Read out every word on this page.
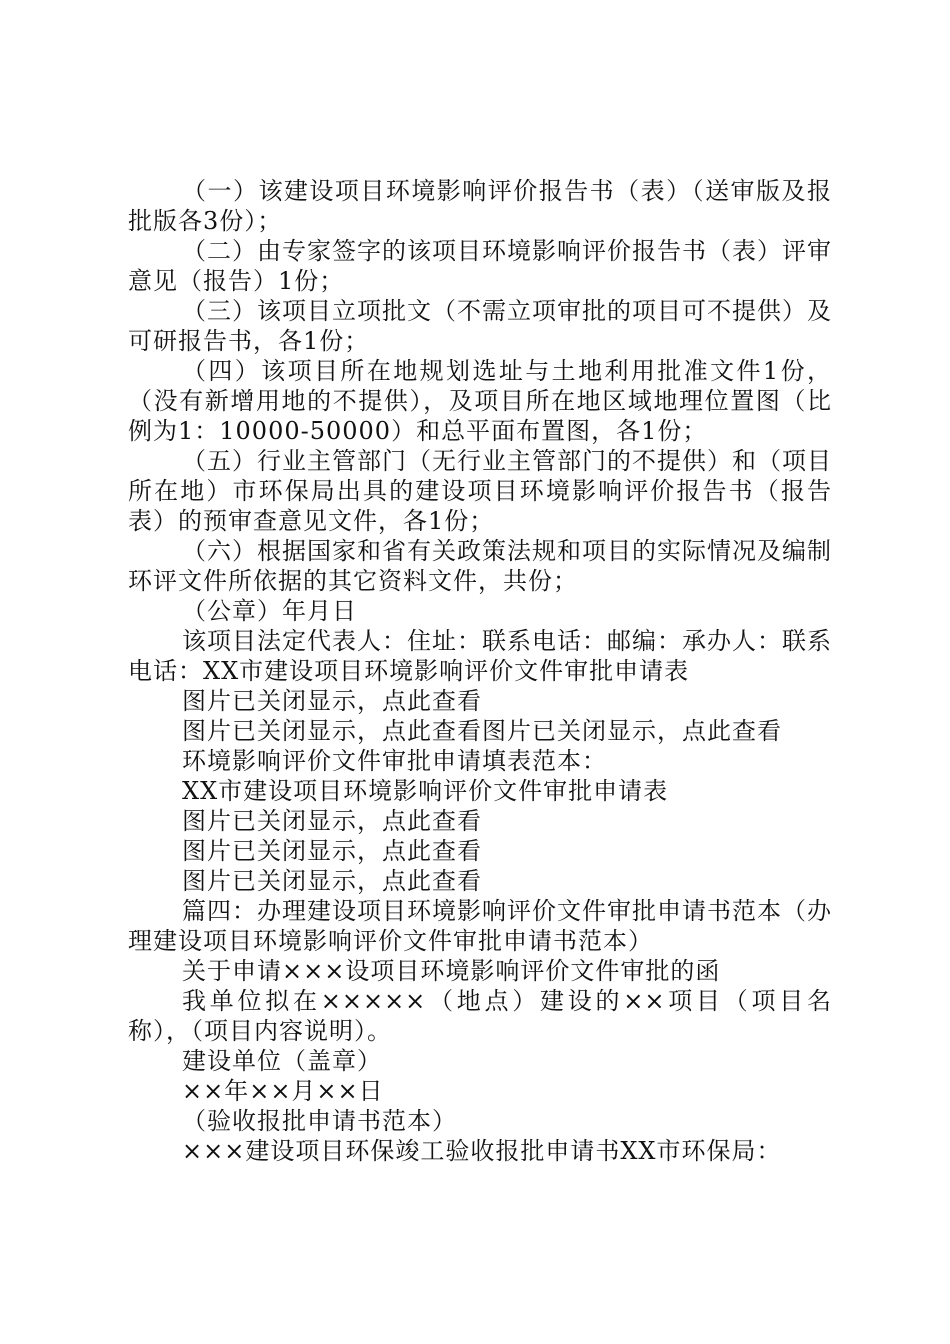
（一）该建设项目环境影响评价报告书（表）（送审版及报批版各3份）；

（二）由专家签字的该项目环境影响评价报告书（表）评审意见（报告）1份；

（三）该项目立项批文（不需立项审批的项目可不提供）及可研报告书，各1份；

（四）该项目所在地规划选址与土地利用批准文件1份，（没有新增用地的不提供），及项目所在地区域地理位置图（比例为1：10000-50000）和总平面布置图，各1份；

（五）行业主管部门（无行业主管部门的不提供）和（项目所在地）市环保局出具的建设项目环境影响评价报告书（报告表）的预审查意见文件，各1份；

（六）根据国家和省有关政策法规和项目的实际情况及编制环评文件所依据的其它资料文件，共份；

（公章）年月日

该项目法定代表人：住址：联系电话：邮编：承办人：联系电话：XX市建设项目环境影响评价文件审批申请表

图片已关闭显示，点此查看

图片已关闭显示，点此查看图片已关闭显示，点此查看

环境影响评价文件审批申请填表范本：

XX市建设项目环境影响评价文件审批申请表

图片已关闭显示，点此查看

图片已关闭显示，点此查看

图片已关闭显示，点此查看

篇四：办理建设项目环境影响评价文件审批申请书范本（办理建设项目环境影响评价文件审批申请书范本）

关于申请×××设项目环境影响评价文件审批的函

我单位拟在×××××（地点）建设的××项目（项目名称），（项目内容说明）。

建设单位（盖章）

××年××月××日

（验收报批申请书范本）

×××建设项目环保竣工验收报批申请书XX市环保局：
